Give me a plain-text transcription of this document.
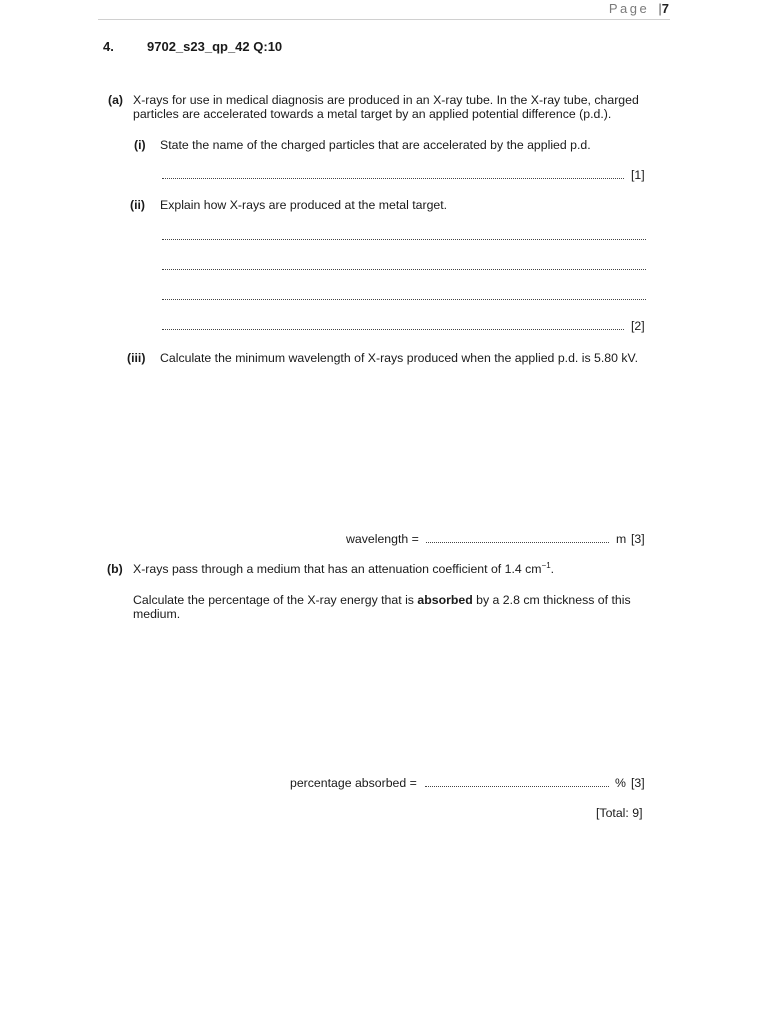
Page |7
4.	9702_s23_qp_42 Q:10
(a) X-rays for use in medical diagnosis are produced in an X-ray tube. In the X-ray tube, charged
particles are accelerated towards a metal target by an applied potential difference (p.d.).
(i) State the name of the charged particles that are accelerated by the applied p.d.
[1]
(ii) Explain how X-rays are produced at the metal target.
[2]
(iii) Calculate the minimum wavelength of X-rays produced when the applied p.d. is 5.80 kV.
wavelength =	m [3]
(b) X-rays pass through a medium that has an attenuation coefficient of 1.4 $cm^{-1}$.
Calculate the percentage of the X-ray energy that is absorbed by a 2.8 cm thickness of this
medium.
percentage absorbed =	% [3]
[Total: 9]
